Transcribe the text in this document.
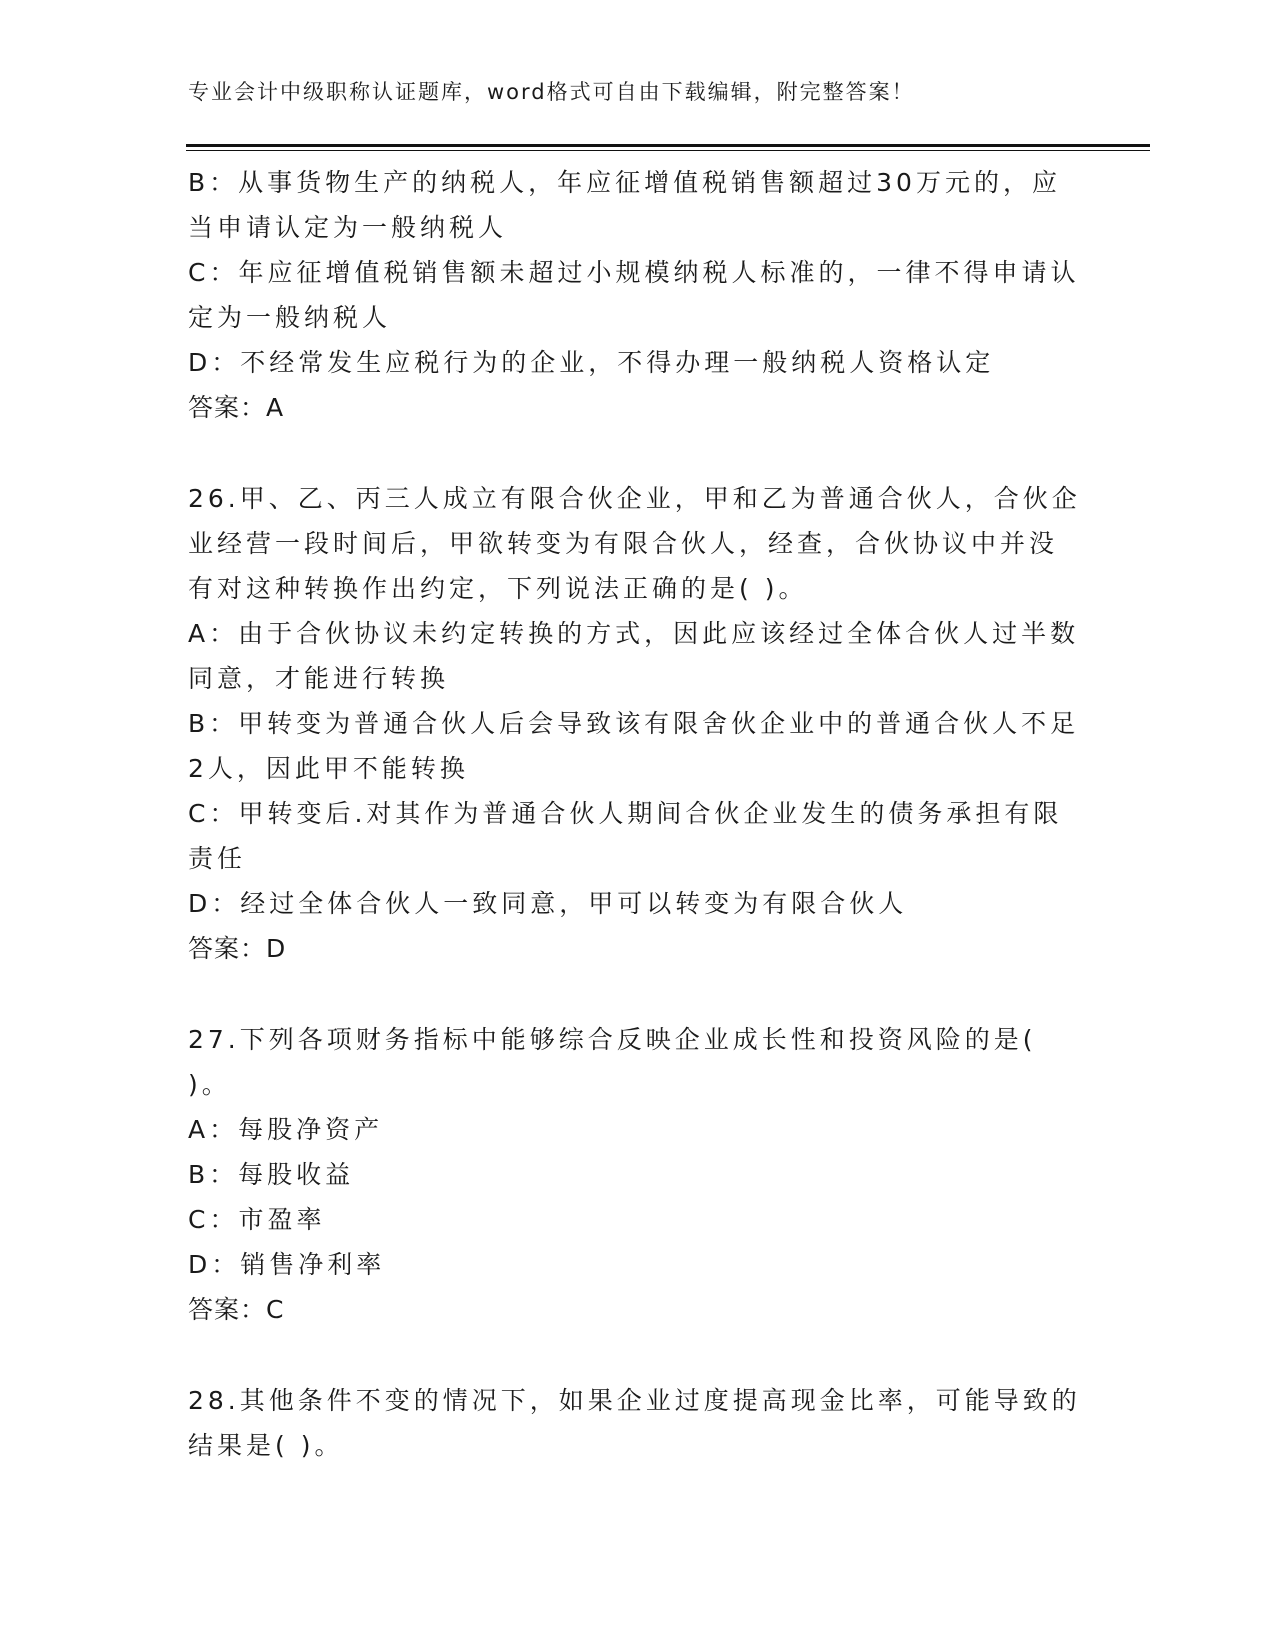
专业会计中级职称认证题库，word格式可自由下载编辑，附完整答案！
B：从事货物生产的纳税人，年应征增值税销售额超过30万元的，应
当申请认定为一般纳税人
C：年应征增值税销售额未超过小规模纳税人标准的，一律不得申请认
定为一般纳税人
D：不经常发生应税行为的企业，不得办理一般纳税人资格认定
答案：A
26.甲、乙、丙三人成立有限合伙企业，甲和乙为普通合伙人，合伙企
业经营一段时间后，甲欲转变为有限合伙人，经查，合伙协议中并没
有对这种转换作出约定，下列说法正确的是( )。
A：由于合伙协议未约定转换的方式，因此应该经过全体合伙人过半数
同意，才能进行转换
B：甲转变为普通合伙人后会导致该有限舍伙企业中的普通合伙人不足
2人，因此甲不能转换
C：甲转变后.对其作为普通合伙人期间合伙企业发生的债务承担有限
责任
D：经过全体合伙人一致同意，甲可以转变为有限合伙人
答案：D
27.下列各项财务指标中能够综合反映企业成长性和投资风险的是(
)。
A：每股净资产
B：每股收益
C：市盈率
D：销售净利率
答案：C
28.其他条件不变的情况下，如果企业过度提高现金比率，可能导致的
结果是( )。
